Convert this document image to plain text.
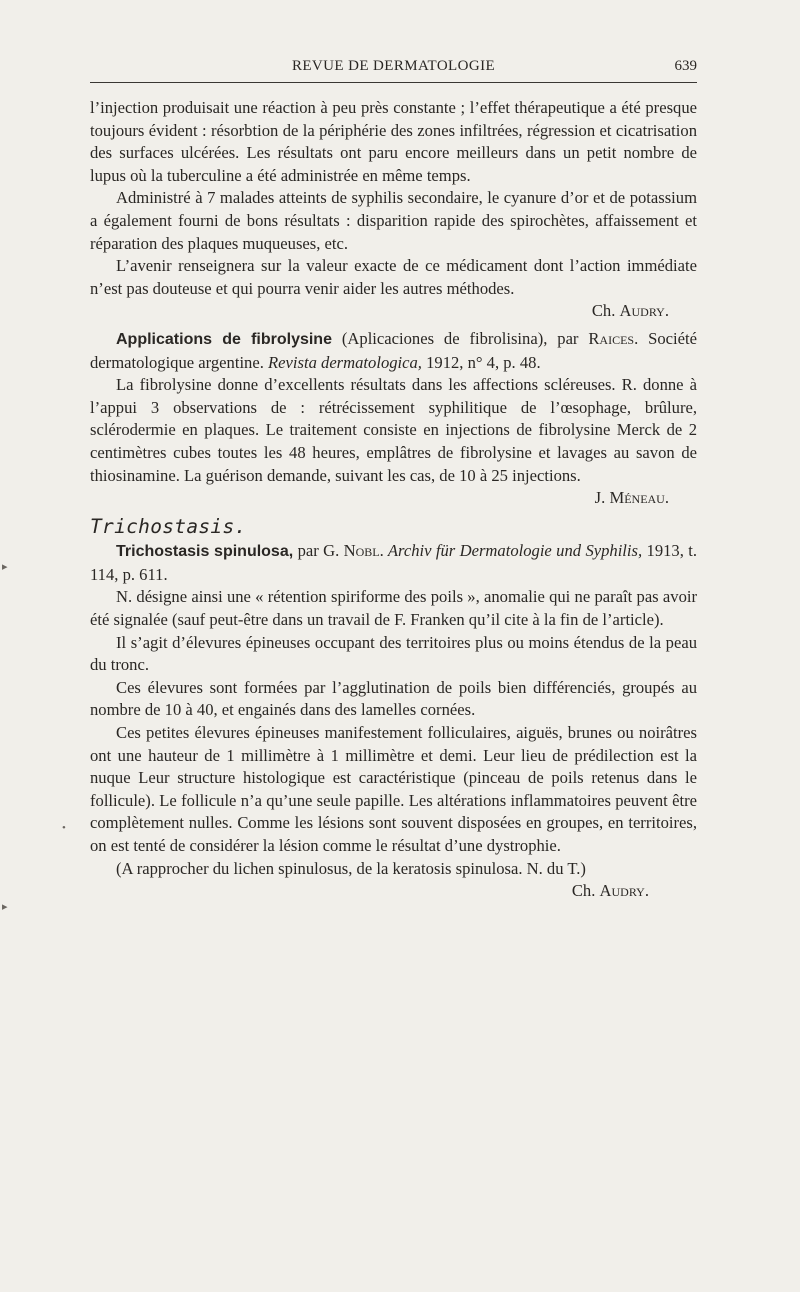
REVUE DE DERMATOLOGIE	639
▸
•
▸

l’injection produisait une réaction à peu près constante ; l’effet thérapeutique a été presque toujours évident : résorbtion de la périphérie des zones infiltrées, régression et cicatrisation des surfaces ulcérées. Les résultats ont paru encore meilleurs dans un petit nombre de lupus où la tuberculine a été administrée en même temps.

Administré à 7 malades atteints de syphilis secondaire, le cyanure d’or et de potassium a également fourni de bons résultats : disparition rapide des spirochètes, affaissement et réparation des plaques muqueuses, etc.

L’avenir renseignera sur la valeur exacte de ce médicament dont l’action immédiate n’est pas douteuse et qui pourra venir aider les autres méthodes.

Ch. Audry.

Applications de fibrolysine (Aplicaciones de fibrolisina), par Raices. Société dermatologique argentine. Revista dermatologica, 1912, n° 4, p. 48.

La fibrolysine donne d’excellents résultats dans les affections scléreuses. R. donne à l’appui 3 observations de : rétrécissement syphilitique de l’œsophage, brûlure, sclérodermie en plaques. Le traitement consiste en injections de fibrolysine Merck de 2 centimètres cubes toutes les 48 heures, emplâtres de fibrolysine et lavages au savon de thiosinamine. La guérison demande, suivant les cas, de 10 à 25 injections.

J. Méneau.

Trichostasis.

Trichostasis spinulosa, par G. Nobl. Archiv für Dermatologie und Syphilis, 1913, t. 114, p. 611.

N. désigne ainsi une « rétention spiriforme des poils », anomalie qui ne paraît pas avoir été signalée (sauf peut-être dans un travail de F. Franken qu’il cite à la fin de l’article).

Il s’agit d’élevures épineuses occupant des territoires plus ou moins étendus de la peau du tronc.

Ces élevures sont formées par l’agglutination de poils bien différenciés, groupés au nombre de 10 à 40, et engainés dans des lamelles cornées.

Ces petites élevures épineuses manifestement folliculaires, aiguës, brunes ou noirâtres ont une hauteur de 1 millimètre à 1 millimètre et demi. Leur lieu de prédilection est la nuque Leur structure histologique est caractéristique (pinceau de poils retenus dans le follicule). Le follicule n’a qu’une seule papille. Les altérations inflammatoires peuvent être complètement nulles. Comme les lésions sont souvent disposées en groupes, en territoires, on est tenté de considérer la lésion comme le résultat d’une dystrophie.

(A rapprocher du lichen spinulosus, de la keratosis spinulosa. N. du T.)

Ch. Audry.
